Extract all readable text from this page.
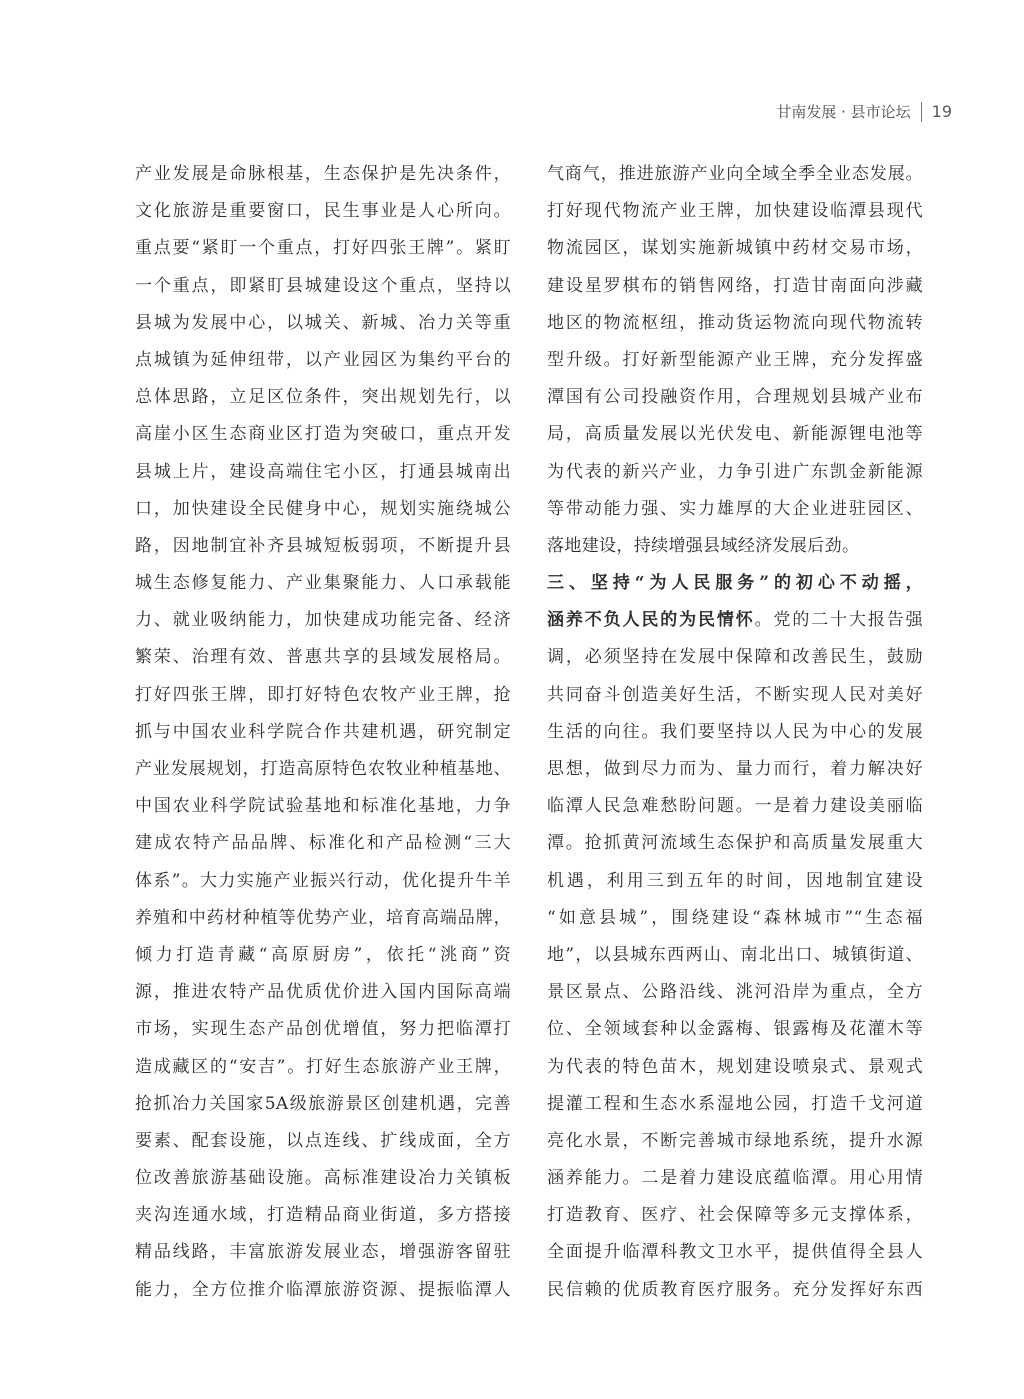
甘南发展 · 县市论坛 19
产业发展是命脉根基，生态保护是先决条件，
文化旅游是重要窗口，民生事业是人心所向。
重点要“紧盯一个重点，打好四张王牌”。紧盯
一个重点，即紧盯县城建设这个重点，坚持以
县城为发展中心，以城关、新城、冶力关等重
点城镇为延伸纽带，以产业园区为集约平台的
总体思路，立足区位条件，突出规划先行，以
高崖小区生态商业区打造为突破口，重点开发
县城上片，建设高端住宅小区，打通县城南出
口，加快建设全民健身中心，规划实施绕城公
路，因地制宜补齐县城短板弱项，不断提升县
城生态修复能力、产业集聚能力、人口承载能
力、就业吸纳能力，加快建成功能完备、经济
繁荣、治理有效、普惠共享的县域发展格局。
打好四张王牌，即打好特色农牧产业王牌，抢
抓与中国农业科学院合作共建机遇，研究制定
产业发展规划，打造高原特色农牧业种植基地、
中国农业科学院试验基地和标准化基地，力争
建成农特产品品牌、标准化和产品检测“三大
体系”。大力实施产业振兴行动，优化提升牛羊
养殖和中药材种植等优势产业，培育高端品牌，
倾力打造青藏“高原厨房”，依托“洮商”资
源，推进农特产品优质优价进入国内国际高端
市场，实现生态产品创优增值，努力把临潭打
造成藏区的“安吉”。打好生态旅游产业王牌，
抢抓冶力关国家5A级旅游景区创建机遇，完善
要素、配套设施，以点连线、扩线成面，全方
位改善旅游基础设施。高标准建设冶力关镇板
夹沟连通水域，打造精品商业街道，多方搭接
精品线路，丰富旅游发展业态，增强游客留驻
能力，全方位推介临潭旅游资源、提振临潭人
气商气，推进旅游产业向全域全季全业态发展。
打好现代物流产业王牌，加快建设临潭县现代
物流园区，谋划实施新城镇中药材交易市场，
建设星罗棋布的销售网络，打造甘南面向涉藏
地区的物流枢纽，推动货运物流向现代物流转
型升级。打好新型能源产业王牌，充分发挥盛
潭国有公司投融资作用，合理规划县城产业布
局，高质量发展以光伏发电、新能源锂电池等
为代表的新兴产业，力争引进广东凯金新能源
等带动能力强、实力雄厚的大企业进驻园区、
落地建设，持续增强县域经济发展后劲。
三、坚持“为人民服务”的初心不动摇，
涵养不负人民的为民情怀。党的二十大报告强
调，必须坚持在发展中保障和改善民生，鼓励
共同奋斗创造美好生活，不断实现人民对美好
生活的向往。我们要坚持以人民为中心的发展
思想，做到尽力而为、量力而行，着力解决好
临潭人民急难愁盼问题。一是着力建设美丽临
潭。抢抓黄河流域生态保护和高质量发展重大
机遇，利用三到五年的时间，因地制宜建设
“如意县城”，围绕建设“森林城市”“生态福
地”，以县城东西两山、南北出口、城镇街道、
景区景点、公路沿线、洮河沿岸为重点，全方
位、全领域套种以金露梅、银露梅及花灌木等
为代表的特色苗木，规划建设喷泉式、景观式
提灌工程和生态水系湿地公园，打造千戈河道
亮化水景，不断完善城市绿地系统，提升水源
涵养能力。二是着力建设底蕴临潭。用心用情
打造教育、医疗、社会保障等多元支撑体系，
全面提升临潭科教文卫水平，提供值得全县人
民信赖的优质教育医疗服务。充分发挥好东西
